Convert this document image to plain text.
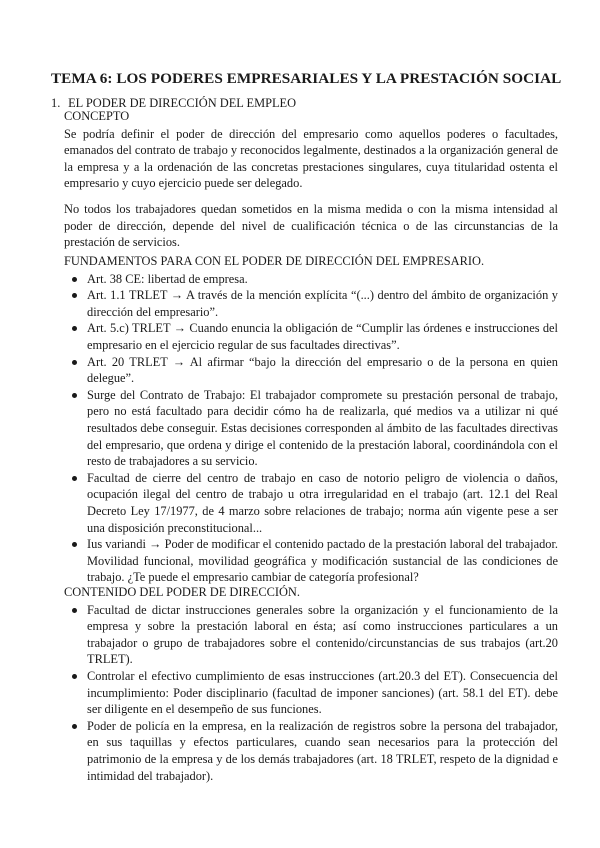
TEMA 6: LOS PODERES EMPRESARIALES Y LA PRESTACIÓN SOCIAL
1. EL PODER DE DIRECCIÓN DEL EMPLEO
CONCEPTO

Se podría definir el poder de dirección del empresario como aquellos poderes o facultades, emanados del contrato de trabajo y reconocidos legalmente, destinados a la organización general de la empresa y a la ordenación de las concretas prestaciones singulares, cuya titularidad ostenta el empresario y cuyo ejercicio puede ser delegado.

No todos los trabajadores quedan sometidos en la misma medida o con la misma intensidad al poder de dirección, depende del nivel de cualificación técnica o de las circunstancias de la prestación de servicios.

FUNDAMENTOS PARA CON EL PODER DE DIRECCIÓN DEL EMPRESARIO.
Art. 38 CE: libertad de empresa.
Art. 1.1 TRLET → A través de la mención explícita “(...) dentro del ámbito de organización y dirección del empresario”.
Art. 5.c) TRLET → Cuando enuncia la obligación de “Cumplir las órdenes e instrucciones del empresario en el ejercicio regular de sus facultades directivas”.
Art. 20 TRLET → Al afirmar “bajo la dirección del empresario o de la persona en quien delegue”.
Surge del Contrato de Trabajo: El trabajador compromete su prestación personal de trabajo, pero no está facultado para decidir cómo ha de realizarla, qué medios va a utilizar ni qué resultados debe conseguir. Estas decisiones corresponden al ámbito de las facultades directivas del empresario, que ordena y dirige el contenido de la prestación laboral, coordinándola con el resto de trabajadores a su servicio.
Facultad de cierre del centro de trabajo en caso de notorio peligro de violencia o daños, ocupación ilegal del centro de trabajo u otra irregularidad en el trabajo (art. 12.1 del Real Decreto Ley 17/1977, de 4 marzo sobre relaciones de trabajo; norma aún vigente pese a ser una disposición preconstitucional...
Ius variandi → Poder de modificar el contenido pactado de la prestación laboral del trabajador. Movilidad funcional, movilidad geográfica y modificación sustancial de las condiciones de trabajo. ¿Te puede el empresario cambiar de categoría profesional?
CONTENIDO DEL PODER DE DIRECCIÓN.
Facultad de dictar instrucciones generales sobre la organización y el funcionamiento de la empresa y sobre la prestación laboral en ésta; así como instrucciones particulares a un trabajador o grupo de trabajadores sobre el contenido/circunstancias de sus trabajos (art.20 TRLET).
Controlar el efectivo cumplimiento de esas instrucciones (art.20.3 del ET). Consecuencia del incumplimiento: Poder disciplinario (facultad de imponer sanciones) (art. 58.1 del ET). debe ser diligente en el desempeño de sus funciones.
Poder de policía en la empresa, en la realización de registros sobre la persona del trabajador, en sus taquillas y efectos particulares, cuando sean necesarios para la protección del patrimonio de la empresa y de los demás trabajadores (art. 18 TRLET, respeto de la dignidad e intimidad del trabajador).
